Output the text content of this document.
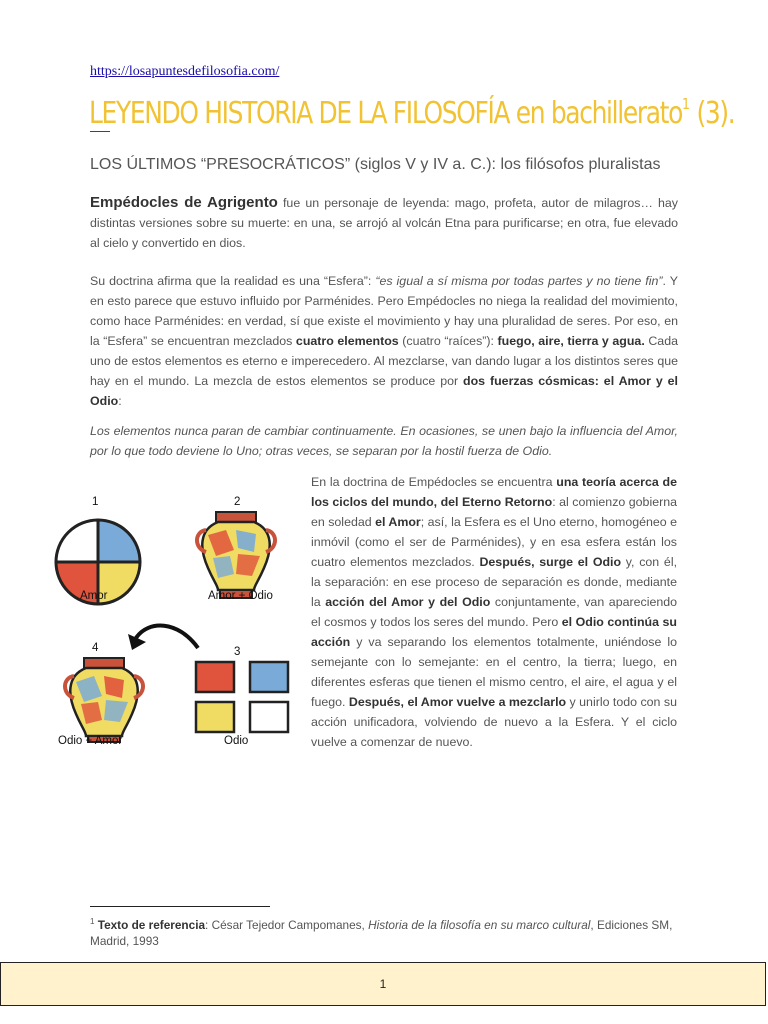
https://losapuntesdefilosofia.com/
LEYENDO HISTORIA DE LA FILOSOFÍA en bachillerato$^1$ (3).
LOS ÚLTIMOS “PRESOCRÁTICOS” (siglos V y IV a. C.): los filósofos pluralistas
Empédocles de Agrigento fue un personaje de leyenda: mago, profeta, autor de milagros… hay distintas versiones sobre su muerte: en una, se arrojó al volcán Etna para purificarse; en otra, fue elevado al cielo y convertido en dios.
Su doctrina afirma que la realidad es una “Esfera”: “es igual a sí misma por todas partes y no tiene fin”. Y en esto parece que estuvo influido por Parménides. Pero Empédocles no niega la realidad del movimiento, como hace Parménides: en verdad, sí que existe el movimiento y hay una pluralidad de seres. Por eso, en la “Esfera” se encuentran mezclados cuatro elementos (cuatro “raíces”): fuego, aire, tierra y agua. Cada uno de estos elementos es eterno e imperecedero. Al mezclarse, van dando lugar a los distintos seres que hay en el mundo. La mezcla de estos elementos se produce por dos fuerzas cósmicas: el Amor y el Odio:
Los elementos nunca paran de cambiar continuamente. En ocasiones, se unen bajo la influencia del Amor, por lo que todo deviene lo Uno; otras veces, se separan por la hostil fuerza de Odio.
1	2
3
4
Amor	Amor + Odio
Odio
Odio + Amor
En la doctrina de Empédocles se encuentra una teoría acerca de los ciclos del mundo, del Eterno Retorno: al comienzo gobierna en soledad el Amor; así, la Esfera es el Uno eterno, homogéneo e inmóvil (como el ser de Parménides), y en esa esfera están los cuatro elementos mezclados. Después, surge el Odio y, con él, la separación: en ese proceso de separación es donde, mediante la acción del Amor y del Odio conjuntamente, van apareciendo el cosmos y todos los seres del mundo. Pero el Odio continúa su acción y va separando los elementos totalmente, uniéndose lo semejante con lo semejante: en el centro, la tierra; luego, en diferentes esferas que tienen el mismo centro, el aire, el agua y el fuego. Después, el Amor vuelve a mezclarlo y unirlo todo con su acción unificadora, volviendo de nuevo a la Esfera. Y el ciclo vuelve a comenzar de nuevo.
$^1$ Texto de referencia: César Tejedor Campomanes, Historia de la filosofía en su marco cultural, Ediciones SM, Madrid, 1993
1
